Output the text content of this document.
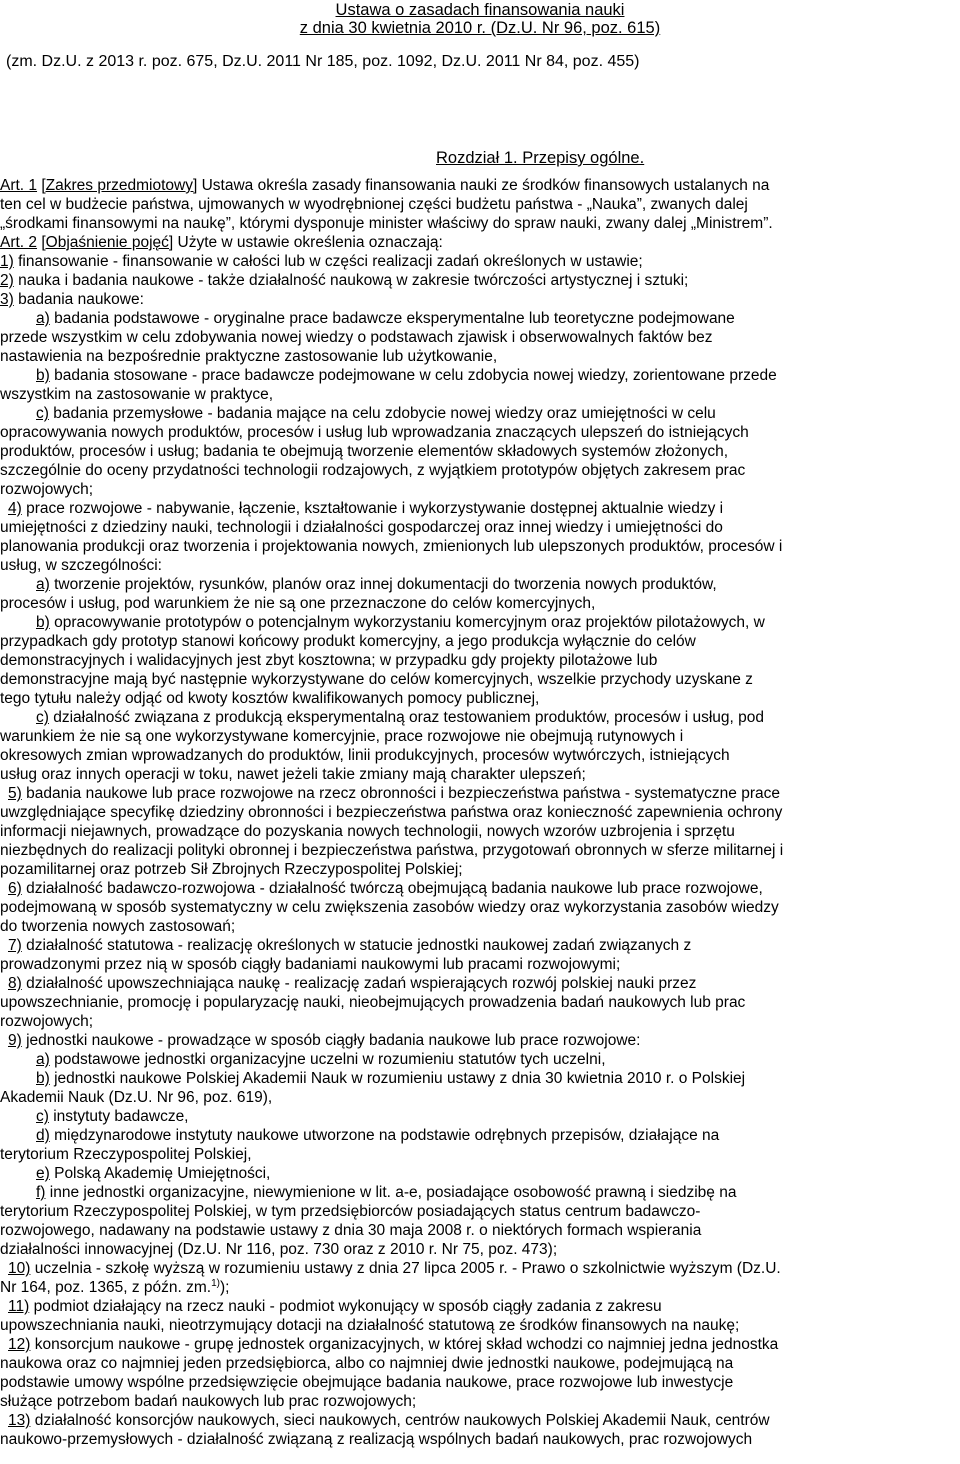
Ustawa o zasadach finansowania nauki
z dnia 30 kwietnia 2010 r. (Dz.U. Nr 96, poz. 615)
(zm. Dz.U. z 2013 r. poz. 675, Dz.U. 2011 Nr 185, poz. 1092, Dz.U. 2011 Nr 84, poz. 455)
Rozdział 1. Przepisy ogólne.
Art. 1 [Zakres przedmiotowy] Ustawa określa zasady finansowania nauki ze środków finansowych ustalanych na
ten cel w budżecie państwa, ujmowanych w wyodrębnionej części budżetu państwa - „Nauka”, zwanych dalej
„środkami finansowymi na naukę”, którymi dysponuje minister właściwy do spraw nauki, zwany dalej „Ministrem”.
Art. 2 [Objaśnienie pojęć] Użyte w ustawie określenia oznaczają:
1) finansowanie - finansowanie w całości lub w części realizacji zadań określonych w ustawie;
2) nauka i badania naukowe - także działalność naukową w zakresie twórczości artystycznej i sztuki;
3) badania naukowe:
a) badania podstawowe - oryginalne prace badawcze eksperymentalne lub teoretyczne podejmowane
przede wszystkim w celu zdobywania nowej wiedzy o podstawach zjawisk i obserwowalnych faktów bez
nastawienia na bezpośrednie praktyczne zastosowanie lub użytkowanie,
b) badania stosowane - prace badawcze podejmowane w celu zdobycia nowej wiedzy, zorientowane przede
wszystkim na zastosowanie w praktyce,
c) badania przemysłowe - badania mające na celu zdobycie nowej wiedzy oraz umiejętności w celu
opracowywania nowych produktów, procesów i usług lub wprowadzania znaczących ulepszeń do istniejących
produktów, procesów i usług; badania te obejmują tworzenie elementów składowych systemów złożonych,
szczególnie do oceny przydatności technologii rodzajowych, z wyjątkiem prototypów objętych zakresem prac
rozwojowych;
4) prace rozwojowe - nabywanie, łączenie, kształtowanie i wykorzystywanie dostępnej aktualnie wiedzy i
umiejętności z dziedziny nauki, technologii i działalności gospodarczej oraz innej wiedzy i umiejętności do
planowania produkcji oraz tworzenia i projektowania nowych, zmienionych lub ulepszonych produktów, procesów i
usług, w szczególności:
a) tworzenie projektów, rysunków, planów oraz innej dokumentacji do tworzenia nowych produktów,
procesów i usług, pod warunkiem że nie są one przeznaczone do celów komercyjnych,
b) opracowywanie prototypów o potencjalnym wykorzystaniu komercyjnym oraz projektów pilotażowych, w
przypadkach gdy prototyp stanowi końcowy produkt komercyjny, a jego produkcja wyłącznie do celów
demonstracyjnych i walidacyjnych jest zbyt kosztowna; w przypadku gdy projekty pilotażowe lub
demonstracyjne mają być następnie wykorzystywane do celów komercyjnych, wszelkie przychody uzyskane z
tego tytułu należy odjąć od kwoty kosztów kwalifikowanych pomocy publicznej,
c) działalność związana z produkcją eksperymentalną oraz testowaniem produktów, procesów i usług, pod
warunkiem że nie są one wykorzystywane komercyjnie, prace rozwojowe nie obejmują rutynowych i
okresowych zmian wprowadzanych do produktów, linii produkcyjnych, procesów wytwórczych, istniejących
usług oraz innych operacji w toku, nawet jeżeli takie zmiany mają charakter ulepszeń;
5) badania naukowe lub prace rozwojowe na rzecz obronności i bezpieczeństwa państwa - systematyczne prace
uwzględniające specyfikę dziedziny obronności i bezpieczeństwa państwa oraz konieczność zapewnienia ochrony
informacji niejawnych, prowadzące do pozyskania nowych technologii, nowych wzorów uzbrojenia i sprzętu
niezbędnych do realizacji polityki obronnej i bezpieczeństwa państwa, przygotowań obronnych w sferze militarnej i
pozamilitarnej oraz potrzeb Sił Zbrojnych Rzeczypospolitej Polskiej;
6) działalność badawczo-rozwojowa - działalność twórczą obejmującą badania naukowe lub prace rozwojowe,
podejmowaną w sposób systematyczny w celu zwiększenia zasobów wiedzy oraz wykorzystania zasobów wiedzy
do tworzenia nowych zastosowań;
7) działalność statutowa - realizację określonych w statucie jednostki naukowej zadań związanych z
prowadzonymi przez nią w sposób ciągły badaniami naukowymi lub pracami rozwojowymi;
8) działalność upowszechniająca naukę - realizację zadań wspierających rozwój polskiej nauki przez
upowszechnianie, promocję i popularyzację nauki, nieobejmujących prowadzenia badań naukowych lub prac
rozwojowych;
9) jednostki naukowe - prowadzące w sposób ciągły badania naukowe lub prace rozwojowe:
a) podstawowe jednostki organizacyjne uczelni w rozumieniu statutów tych uczelni,
b) jednostki naukowe Polskiej Akademii Nauk w rozumieniu ustawy z dnia 30 kwietnia 2010 r. o Polskiej
Akademii Nauk (Dz.U. Nr 96, poz. 619),
c) instytuty badawcze,
d) międzynarodowe instytuty naukowe utworzone na podstawie odrębnych przepisów, działające na
terytorium Rzeczypospolitej Polskiej,
e) Polską Akademię Umiejętności,
f) inne jednostki organizacyjne, niewymienione w lit. a-e, posiadające osobowość prawną i siedzibę na
terytorium Rzeczypospolitej Polskiej, w tym przedsiębiorców posiadających status centrum badawczo-
rozwojowego, nadawany na podstawie ustawy z dnia 30 maja 2008 r. o niektórych formach wspierania
działalności innowacyjnej (Dz.U. Nr 116, poz. 730 oraz z 2010 r. Nr 75, poz. 473);
10) uczelnia - szkołę wyższą w rozumieniu ustawy z dnia 27 lipca 2005 r. - Prawo o szkolnictwie wyższym (Dz.U.
Nr 164, poz. 1365, z późn. zm.$^{1)}$);
11) podmiot działający na rzecz nauki - podmiot wykonujący w sposób ciągły zadania z zakresu
upowszechniania nauki, nieotrzymujący dotacji na działalność statutową ze środków finansowych na naukę;
12) konsorcjum naukowe - grupę jednostek organizacyjnych, w której skład wchodzi co najmniej jedna jednostka
naukowa oraz co najmniej jeden przedsiębiorca, albo co najmniej dwie jednostki naukowe, podejmującą na
podstawie umowy wspólne przedsięwzięcie obejmujące badania naukowe, prace rozwojowe lub inwestycje
służące potrzebom badań naukowych lub prac rozwojowych;
13) działalność konsorcjów naukowych, sieci naukowych, centrów naukowych Polskiej Akademii Nauk, centrów
naukowo-przemysłowych - działalność związaną z realizacją wspólnych badań naukowych, prac rozwojowych
